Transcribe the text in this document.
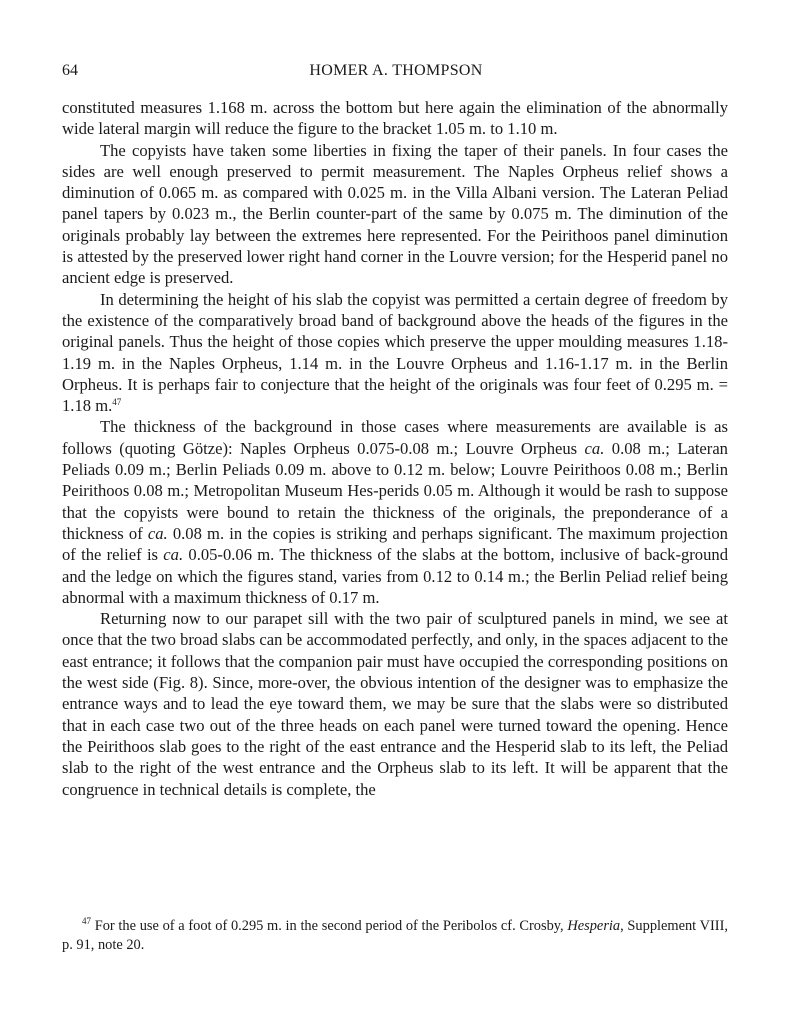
64	HOMER A. THOMPSON

constituted measures 1.168 m. across the bottom but here again the elimination of the abnormally wide lateral margin will reduce the figure to the bracket 1.05 m. to 1.10 m.

The copyists have taken some liberties in fixing the taper of their panels. In four cases the sides are well enough preserved to permit measurement. The Naples Orpheus relief shows a diminution of 0.065 m. as compared with 0.025 m. in the Villa Albani version. The Lateran Peliad panel tapers by 0.023 m., the Berlin counter-part of the same by 0.075 m. The diminution of the originals probably lay between the extremes here represented. For the Peirithoos panel diminution is attested by the preserved lower right hand corner in the Louvre version; for the Hesperid panel no ancient edge is preserved.

In determining the height of his slab the copyist was permitted a certain degree of freedom by the existence of the comparatively broad band of background above the heads of the figures in the original panels. Thus the height of those copies which preserve the upper moulding measures 1.18-1.19 m. in the Naples Orpheus, 1.14 m. in the Louvre Orpheus and 1.16-1.17 m. in the Berlin Orpheus. It is perhaps fair to conjecture that the height of the originals was four feet of 0.295 m. = 1.18 m.$^{47}$

The thickness of the background in those cases where measurements are available is as follows (quoting Götze): Naples Orpheus 0.075-0.08 m.; Louvre Orpheus ca. 0.08 m.; Lateran Peliads 0.09 m.; Berlin Peliads 0.09 m. above to 0.12 m. below; Louvre Peirithoos 0.08 m.; Berlin Peirithoos 0.08 m.; Metropolitan Museum Hes-perids 0.05 m. Although it would be rash to suppose that the copyists were bound to retain the thickness of the originals, the preponderance of a thickness of ca. 0.08 m. in the copies is striking and perhaps significant. The maximum projection of the relief is ca. 0.05-0.06 m. The thickness of the slabs at the bottom, inclusive of back-ground and the ledge on which the figures stand, varies from 0.12 to 0.14 m.; the Berlin Peliad relief being abnormal with a maximum thickness of 0.17 m.

Returning now to our parapet sill with the two pair of sculptured panels in mind, we see at once that the two broad slabs can be accommodated perfectly, and only, in the spaces adjacent to the east entrance; it follows that the companion pair must have occupied the corresponding positions on the west side (Fig. 8). Since, more-over, the obvious intention of the designer was to emphasize the entrance ways and to lead the eye toward them, we may be sure that the slabs were so distributed that in each case two out of the three heads on each panel were turned toward the opening. Hence the Peirithoos slab goes to the right of the east entrance and the Hesperid slab to its left, the Peliad slab to the right of the west entrance and the Orpheus slab to its left. It will be apparent that the congruence in technical details is complete, the

$^{47}$ For the use of a foot of 0.295 m. in the second period of the Peribolos cf. Crosby, Hesperia, Supplement VIII, p. 91, note 20.
